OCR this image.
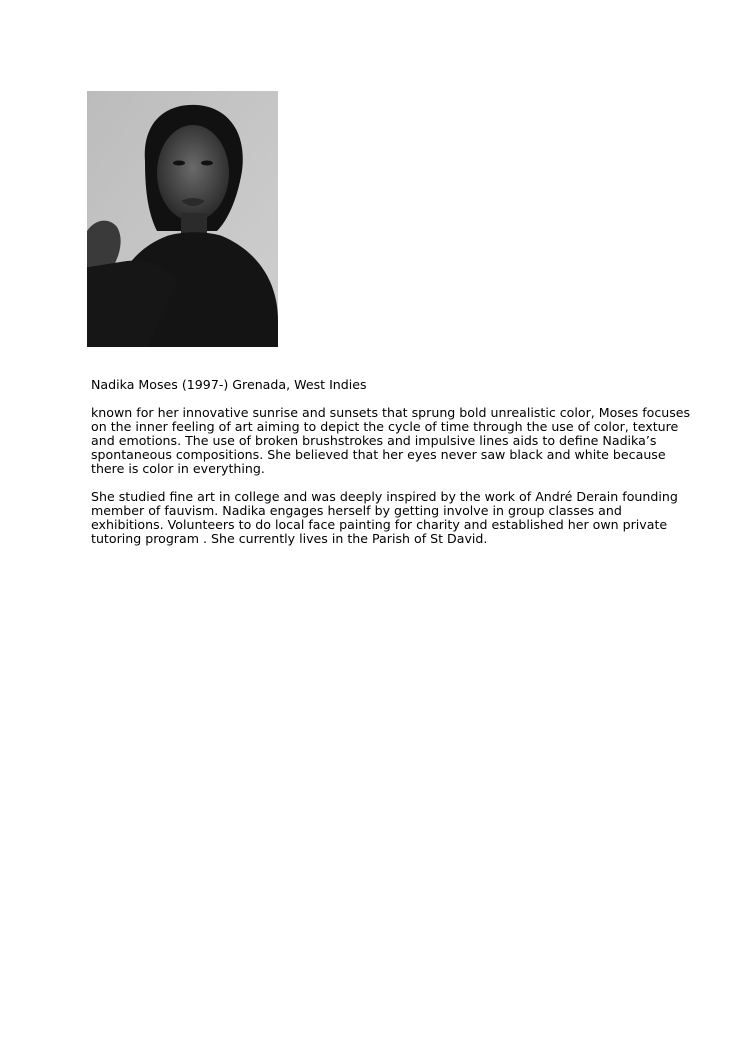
Nadika Moses (1997-) Grenada, West Indies

known for her innovative sunrise and sunsets that sprung bold unrealistic color, Moses focuses on the inner feeling of art aiming to depict the cycle of time through the use of color, texture and emotions. The use of broken brushstrokes and impulsive lines aids to define Nadika’s spontaneous compositions. She believed that her eyes never saw black and white because there is color in everything.

She studied fine art in college and was deeply inspired by the work of André Derain founding member of fauvism. Nadika engages herself by getting involve in group classes and exhibitions. Volunteers to do local face painting for charity and established her own private tutoring program . She currently lives in the Parish of St David.
